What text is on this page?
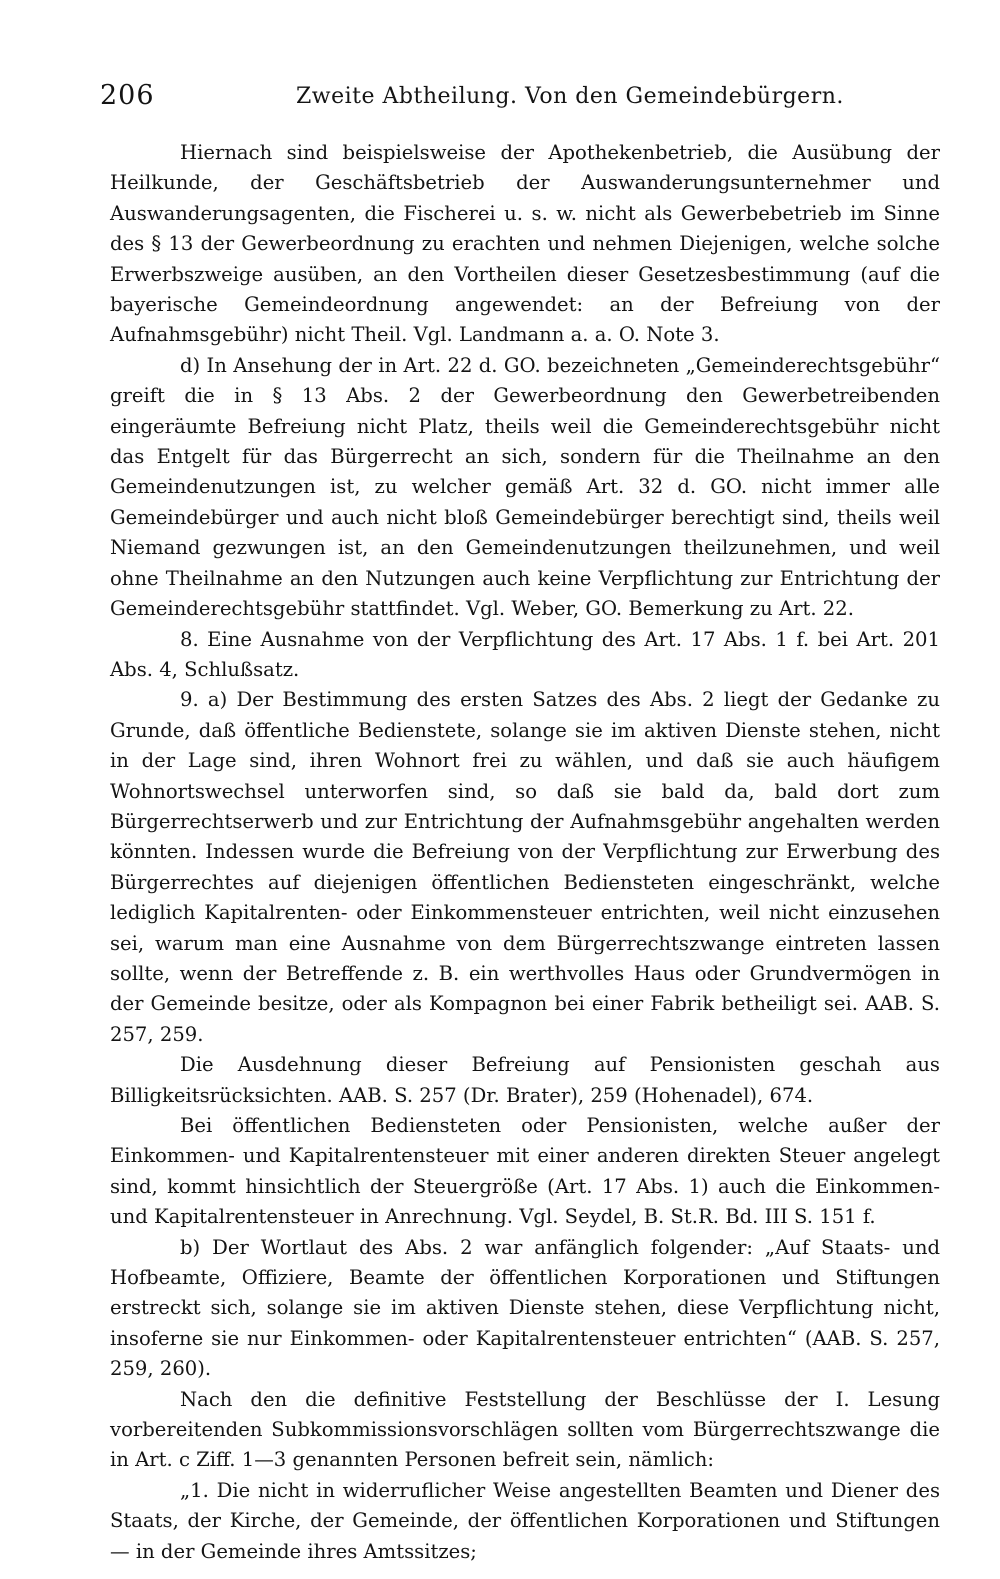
206	Zweite Abtheilung. Von den Gemeindebürgern.

Hiernach sind beispielsweise der Apothekenbetrieb, die Ausübung der Heilkunde, der Geschäftsbetrieb der Auswanderungsunternehmer und Auswanderungsagenten, die Fischerei u. s. w. nicht als Gewerbebetrieb im Sinne des § 13 der Gewerbeordnung zu erachten und nehmen Diejenigen, welche solche Erwerbszweige ausüben, an den Vortheilen dieser Gesetzesbestimmung (auf die bayerische Gemeindeordnung angewendet: an der Befreiung von der Aufnahmsgebühr) nicht Theil. Vgl. Landmann a. a. O. Note 3.

d) In Ansehung der in Art. 22 d. GO. bezeichneten „Gemeinderechtsgebühr“ greift die in § 13 Abs. 2 der Gewerbeordnung den Gewerbetreibenden eingeräumte Befreiung nicht Platz, theils weil die Gemeinderechtsgebühr nicht das Entgelt für das Bürgerrecht an sich, sondern für die Theilnahme an den Gemeindenutzungen ist, zu welcher gemäß Art. 32 d. GO. nicht immer alle Gemeindebürger und auch nicht bloß Gemeindebürger berechtigt sind, theils weil Niemand gezwungen ist, an den Gemeindenutzungen theilzunehmen, und weil ohne Theilnahme an den Nutzungen auch keine Verpflichtung zur Entrichtung der Gemeinderechtsgebühr stattfindet. Vgl. Weber, GO. Bemerkung zu Art. 22.

8. Eine Ausnahme von der Verpflichtung des Art. 17 Abs. 1 f. bei Art. 201 Abs. 4, Schlußsatz.

9. a) Der Bestimmung des ersten Satzes des Abs. 2 liegt der Gedanke zu Grunde, daß öffentliche Bedienstete, solange sie im aktiven Dienste stehen, nicht in der Lage sind, ihren Wohnort frei zu wählen, und daß sie auch häufigem Wohnortswechsel unterworfen sind, so daß sie bald da, bald dort zum Bürgerrechtserwerb und zur Entrichtung der Aufnahmsgebühr angehalten werden könnten. Indessen wurde die Befreiung von der Verpflichtung zur Erwerbung des Bürgerrechtes auf diejenigen öffentlichen Bediensteten eingeschränkt, welche lediglich Kapitalrenten- oder Einkommensteuer entrichten, weil nicht einzusehen sei, warum man eine Ausnahme von dem Bürgerrechtszwange eintreten lassen sollte, wenn der Betreffende z. B. ein werthvolles Haus oder Grundvermögen in der Gemeinde besitze, oder als Kompagnon bei einer Fabrik betheiligt sei. AAB. S. 257, 259.

Die Ausdehnung dieser Befreiung auf Pensionisten geschah aus Billigkeitsrücksichten. AAB. S. 257 (Dr. Brater), 259 (Hohenadel), 674.

Bei öffentlichen Bediensteten oder Pensionisten, welche außer der Einkommen- und Kapitalrentensteuer mit einer anderen direkten Steuer angelegt sind, kommt hinsichtlich der Steuergröße (Art. 17 Abs. 1) auch die Einkommen- und Kapitalrentensteuer in Anrechnung. Vgl. Seydel, B. St.R. Bd. III S. 151 f.

b) Der Wortlaut des Abs. 2 war anfänglich folgender: „Auf Staats- und Hofbeamte, Offiziere, Beamte der öffentlichen Korporationen und Stiftungen erstreckt sich, solange sie im aktiven Dienste stehen, diese Verpflichtung nicht, insoferne sie nur Einkommen- oder Kapitalrentensteuer entrichten“ (AAB. S. 257, 259, 260).

Nach den die definitive Feststellung der Beschlüsse der I. Lesung vorbereitenden Subkommissionsvorschlägen sollten vom Bürgerrechtszwange die in Art. c Ziff. 1—3 genannten Personen befreit sein, nämlich:

„1. Die nicht in widerruflicher Weise angestellten Beamten und Diener des Staats, der Kirche, der Gemeinde, der öffentlichen Korporationen und Stiftungen — in der Gemeinde ihres Amtssitzes;
